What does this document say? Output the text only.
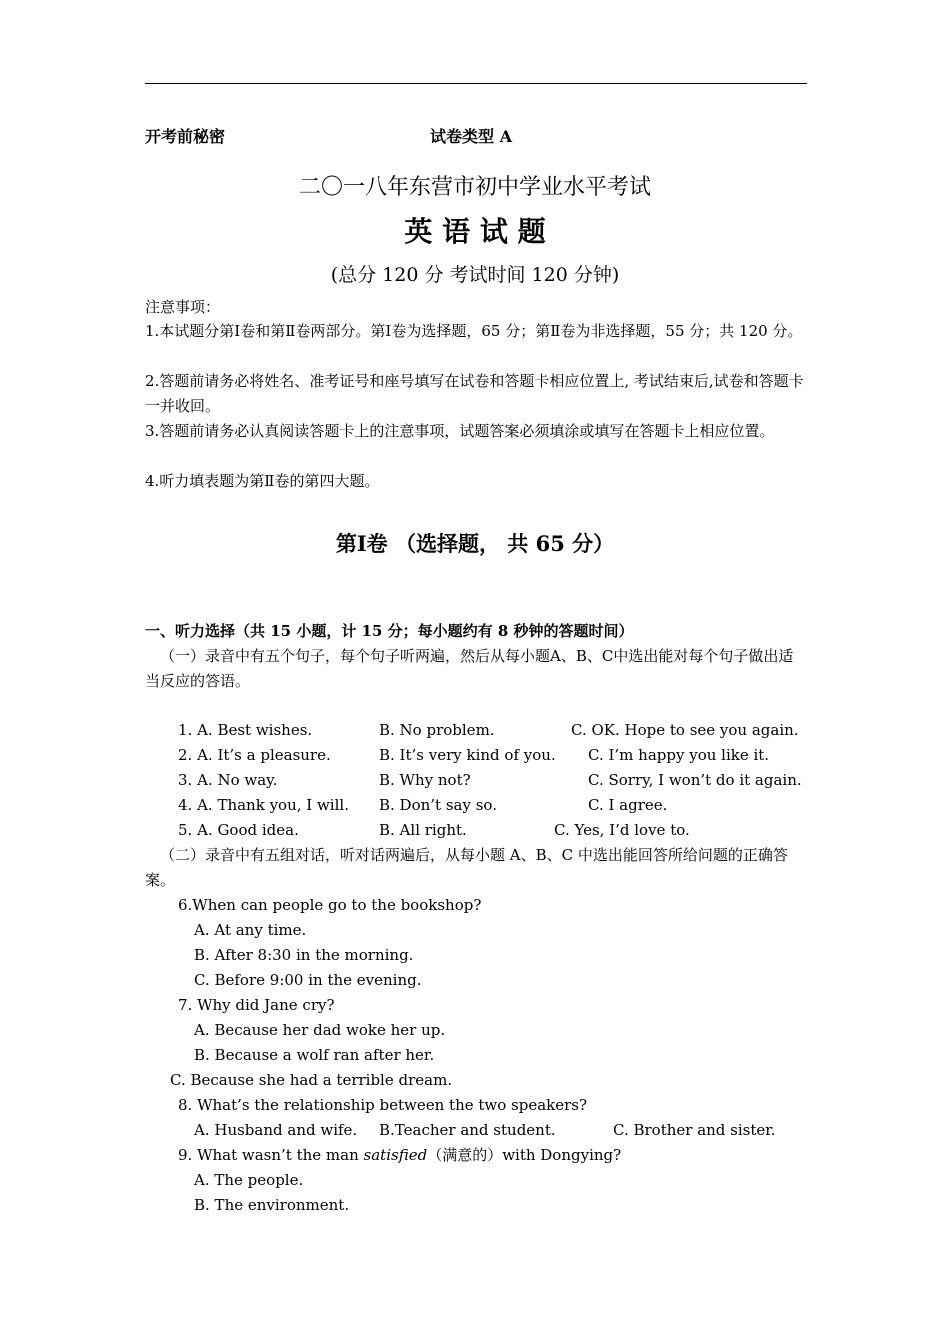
开考前秘密	试卷类型 A
二〇一八年东营市初中学业水平考试
英 语 试 题
(总分 120 分 考试时间 120 分钟)
注意事项：
1.本试题分第Ⅰ卷和第Ⅱ卷两部分。第Ⅰ卷为选择题，65 分；第Ⅱ卷为非选择题，55 分；共 120 分。
2.答题前请务必将姓名、准考证号和座号填写在试卷和答题卡相应位置上, 考试结束后,试卷和答题卡一并收回。
3.答题前请务必认真阅读答题卡上的注意事项，试题答案必须填涂或填写在答题卡上相应位置。
4.听力填表题为第Ⅱ卷的第四大题。
第Ⅰ卷 （选择题， 共 65 分）
一、听力选择（共 15 小题，计 15 分；每小题约有 8 秒钟的答题时间）
（一）录音中有五个句子，每个句子听两遍，然后从每小题A、B、C中选出能对每个句子做出适当反应的答语。
1. A. Best wishes.	B. No problem.	C. OK. Hope to see you again.
2. A. It’s a pleasure.	B. It’s very kind of you. C. I’m happy you like it.
3. A. No way.	B. Why not?	C. Sorry, I won’t do it again.
4. A. Thank you, I will. B. Don’t say so.	C. I agree.
5. A. Good idea.	B. All right.	C. Yes, I’d love to.
（二）录音中有五组对话，听对话两遍后，从每小题 A、B、C 中选出能回答所给问题的正确答案。
6.When can people go to the bookshop?
A. At any time.
B. After 8:30 in the morning.
C. Before 9:00 in the evening.
7. Why did Jane cry?
A. Because her dad woke her up.
B. Because a wolf ran after her.
C. Because she had a terrible dream.
8. What’s the relationship between the two speakers?
A. Husband and wife. B.Teacher and student.	C. Brother and sister.
9. What wasn’t the man satisfied（满意的）with Dongying?
A. The people.
B. The environment.
